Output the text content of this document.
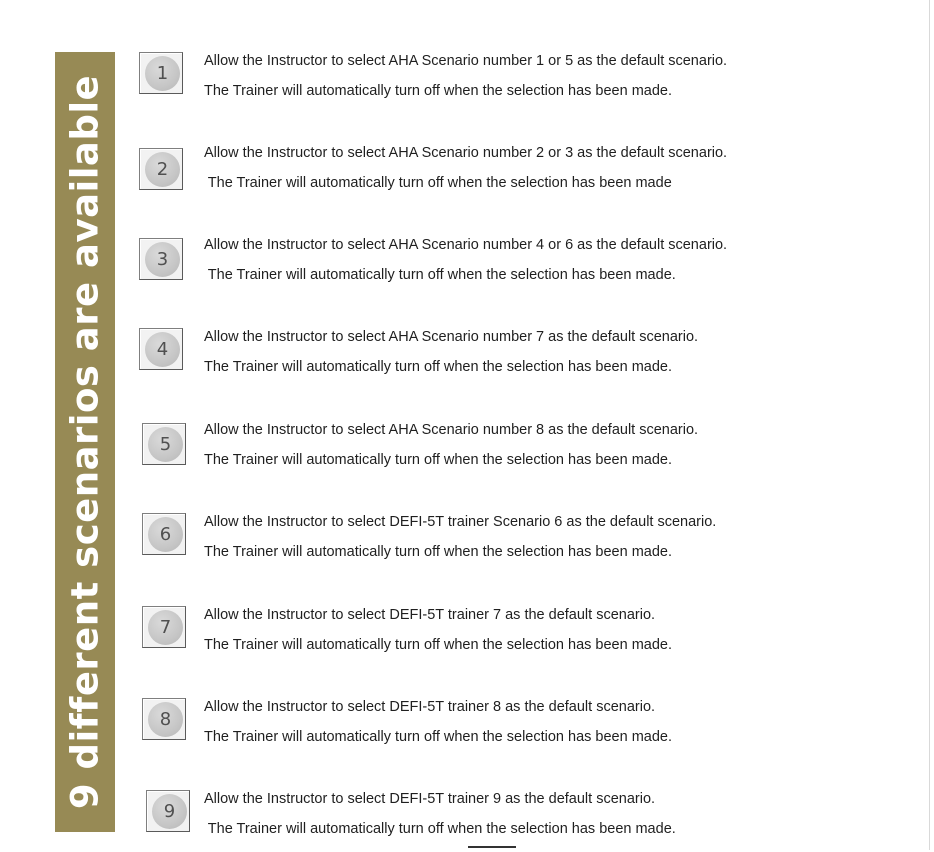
9 different scenarios are available
1
Allow the Instructor to select AHA Scenario number 1 or 5 as the default scenario.
The Trainer will automatically turn off when the selection has been made.
2
Allow the Instructor to select AHA Scenario number 2 or 3 as the default scenario.
The Trainer will automatically turn off when the selection has been made
3
Allow the Instructor to select AHA Scenario number 4 or 6 as the default scenario.
The Trainer will automatically turn off when the selection has been made.
4
Allow the Instructor to select AHA Scenario number 7 as the default scenario.
The Trainer will automatically turn off when the selection has been made.
5
Allow the Instructor to select AHA Scenario number 8 as the default scenario.
The Trainer will automatically turn off when the selection has been made.
6
Allow the Instructor to select DEFI-5T trainer Scenario 6 as the default scenario.
The Trainer will automatically turn off when the selection has been made.
7
Allow the Instructor to select DEFI-5T trainer 7 as the default scenario.
The Trainer will automatically turn off when the selection has been made.
8
Allow the Instructor to select DEFI-5T trainer 8 as the default scenario.
The Trainer will automatically turn off when the selection has been made.
9
Allow the Instructor to select DEFI-5T trainer 9 as the default scenario.
The Trainer will automatically turn off when the selection has been made.
